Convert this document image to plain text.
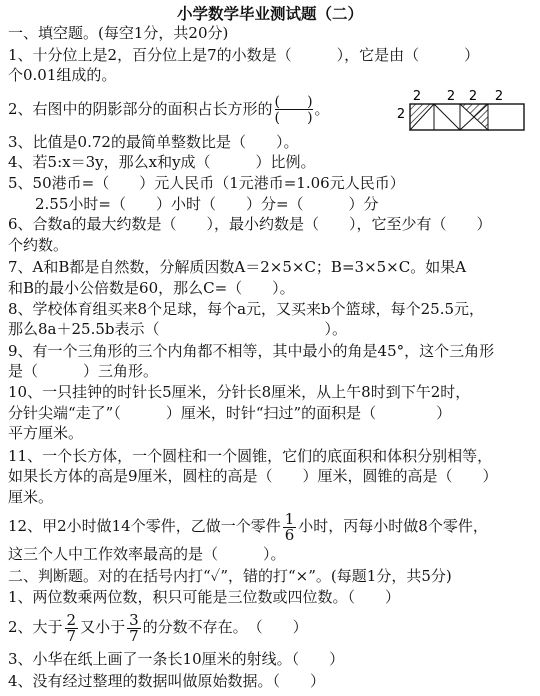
小学数学毕业测试题（二）
一、填空题。(每空1分，共20分)
1、十分位上是2，百分位上是7的小数是（　　　），它是由（　　　）
个0.01组成的。
2、右图中的阴影部分的面积占长方形的 ( )
( ) 。
2 2 2 2
2
3、比值是0.72的最简单整数比是（　　）。
4、若5:x＝3y，那么x和y成（　　　）比例。
5、50港币=（　　）元人民币（1元港币=1.06元人民币）
2.55小时=（　　）小时（　　）分=（　　　）分
6、合数a的最大约数是（　　），最小约数是（　　），它至少有（　　）
个约数。
7、A和B都是自然数，分解质因数A＝2×5×C；B=3×5×C。如果A
和B的最小公倍数是60，那么C=（　　）。
8、学校体育组买来8个足球，每个a元，又买来b个篮球，每个25.5元，
那么8a＋25.5b表示（　　　　　　　　　　　）。
9、有一个三角形的三个内角都不相等，其中最小的角是45°，这个三角形
是（　　　）三角形。
10、一只挂钟的时针长5厘米，分针长8厘米，从上午8时到下午2时，
分针尖端“走了”（　　　）厘米，时针“扫过”的面积是（　　　　）
平方厘米。
11、一个长方体，一个圆柱和一个圆锥，它们的底面积和体积分别相等，
如果长方体的高是9厘米，圆柱的高是（　　）厘米，圆锥的高是（　　）
厘米。
12、甲2小时做14个零件，乙做一个零件 $\frac{1}{6}$ 小时，丙每小时做8个零件，
这三个人中工作效率最高的是（　　　）。
二、判断题。对的在括号内打“✓”，错的打“×”。(每题1分，共5分)
1、两位数乘两位数，积只可能是三位数或四位数。（　　）
2、大于 $\frac{2}{7}$ 又小于 $\frac{3}{7}$ 的分数不存在。　（　　）
3、小华在纸上画了一条长10厘米的射线。（　　）
4、没有经过整理的数据叫做原始数据。（　　）
